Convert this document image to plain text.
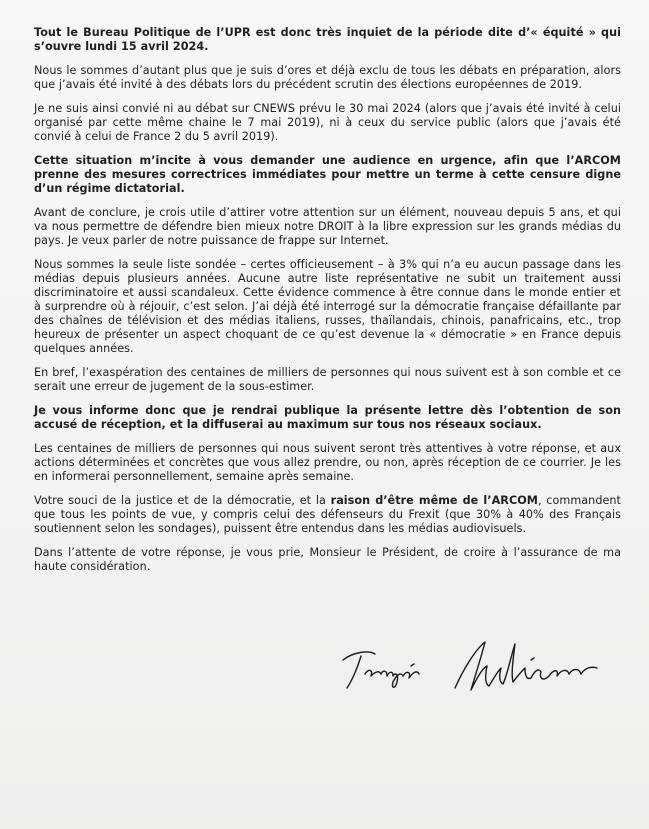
Tout le Bureau Politique de l’UPR est donc très inquiet de la période dite d’« équité » qui s’ouvre lundi 15 avril 2024.

Nous le sommes d’autant plus que je suis d’ores et déjà exclu de tous les débats en préparation, alors que j’avais été invité à des débats lors du précédent scrutin des élections européennes de 2019.

Je ne suis ainsi convié ni au débat sur CNEWS prévu le 30 mai 2024 (alors que j’avais été invité à celui organisé par cette même chaine le 7 mai 2019), ni à ceux du service public (alors que j’avais été convié à celui de France 2 du 5 avril 2019).

Cette situation m’incite à vous demander une audience en urgence, afin que l’ARCOM prenne des mesures correctrices immédiates pour mettre un terme à cette censure digne d’un régime dictatorial.

Avant de conclure, je crois utile d’attirer votre attention sur un élément, nouveau depuis 5 ans, et qui va nous permettre de défendre bien mieux notre DROIT à la libre expression sur les grands médias du pays. Je veux parler de notre puissance de frappe sur Internet.

Nous sommes la seule liste sondée – certes officieusement – à 3% qui n’a eu aucun passage dans les médias depuis plusieurs années. Aucune autre liste représentative ne subit un traitement aussi discriminatoire et aussi scandaleux. Cette évidence commence à être connue dans le monde entier et à surprendre où à réjouir, c’est selon. J’ai déjà été interrogé sur la démocratie française défaillante par des chaînes de télévision et des médias italiens, russes, thaïlandais, chinois, panafricains, etc., trop heureux de présenter un aspect choquant de ce qu’est devenue la « démocratie » en France depuis quelques années.

En bref, l’exaspération des centaines de milliers de personnes qui nous suivent est à son comble et ce serait une erreur de jugement de la sous-estimer.

Je vous informe donc que je rendrai publique la présente lettre dès l’obtention de son accusé de réception, et la diffuserai au maximum sur tous nos réseaux sociaux.

Les centaines de milliers de personnes qui nous suivent seront très attentives à votre réponse, et aux actions déterminées et concrètes que vous allez prendre, ou non, après réception de ce courrier. Je les en informerai personnellement, semaine après semaine.

Votre souci de la justice et de la démocratie, et la raison d’être même de l’ARCOM, commandent que tous les points de vue, y compris celui des défenseurs du Frexit (que 30% à 40% des Français soutiennent selon les sondages), puissent être entendus dans les médias audiovisuels.

Dans l’attente de votre réponse, je vous prie, Monsieur le Président, de croire à l’assurance de ma haute considération.
